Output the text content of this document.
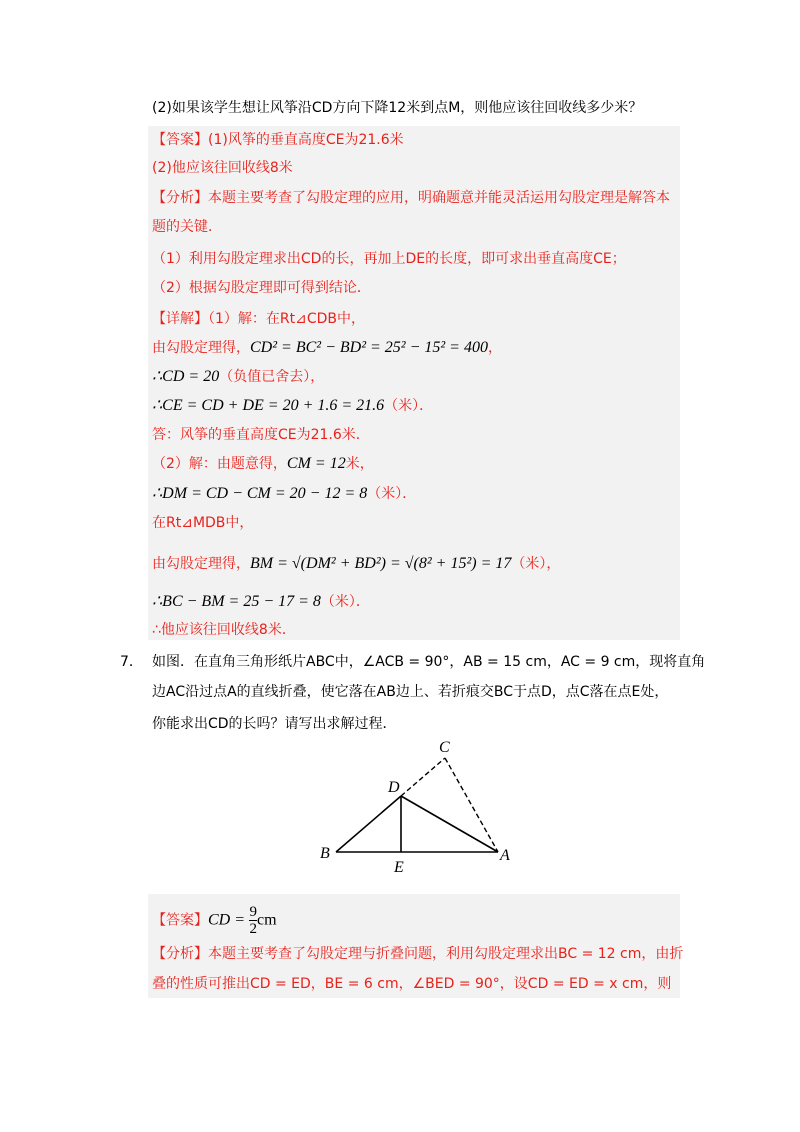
(2)如果该学生想让风筝沿CD方向下降12米到点M，则他应该往回收线多少米？
【答案】(1)风筝的垂直高度CE为21.6米
(2)他应该往回收线8米
【分析】本题主要考查了勾股定理的应用，明确题意并能灵活运用勾股定理是解答本
题的关键．
（1）利用勾股定理求出CD的长，再加上DE的长度，即可求出垂直高度CE；
（2）根据勾股定理即可得到结论．
【详解】（1）解：在Rt⊿CDB中，
由勾股定理得，CD² = BC² − BD² = 25² − 15² = 400，
∴CD = 20（负值已舍去），
∴CE = CD + DE = 20 + 1.6 = 21.6（米）．
答：风筝的垂直高度CE为21.6米．
（2）解：由题意得，CM = 12米，
∴DM = CD − CM = 20 − 12 = 8（米）．
在Rt⊿MDB中，
由勾股定理得，BM = √(DM² + BD²) = √(8² + 15²) = 17（米），
∴BC − BM = 25 − 17 = 8（米）．
∴他应该往回收线8米．
7． 如图．在直角三角形纸片ABC中，∠ACB = 90°，AB = 15 cm，AC = 9 cm，现将直角
边AC沿过点A的直线折叠，使它落在AB边上、若折痕交BC于点D，点C落在点E处，
你能求出CD的长吗？请写出求解过程．
C
D
B
E
A
【答案】CD = $\frac{9}{2}$ cm
【分析】本题主要考查了勾股定理与折叠问题，利用勾股定理求出BC = 12 cm，由折
叠的性质可推出CD = ED，BE = 6 cm，∠BED = 90°，设CD = ED = x cm，则
